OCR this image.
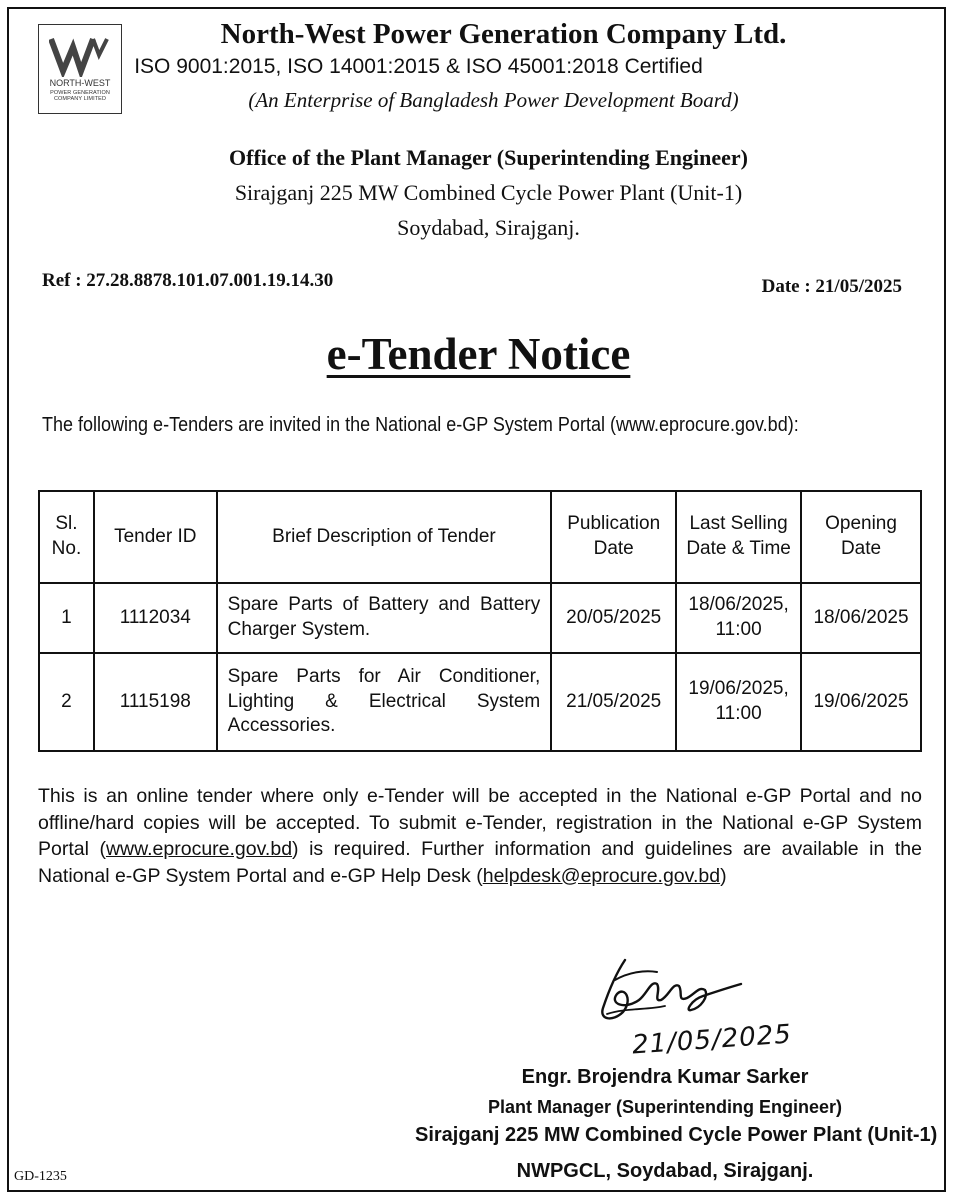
NORTH-WEST
POWER GENERATION
COMPANY LIMITED
North-West Power Generation Company Ltd.
ISO 9001:2015, ISO 14001:2015 & ISO 45001:2018 Certified
(An Enterprise of Bangladesh Power Development Board)
Office of the Plant Manager (Superintending Engineer)
Sirajganj 225 MW Combined Cycle Power Plant (Unit-1)
Soydabad, Sirajganj.
Ref : 27.28.8878.101.07.001.19.14.30	Date : 21/05/2025
e-Tender Notice
The following e-Tenders are invited in the National e-GP System Portal (www.eprocure.gov.bd):
Sl. No.	Tender ID	Brief Description of Tender	Publication Date	Last Selling Date & Time	Opening Date
1	1112034	Spare Parts of Battery and Battery Charger System.	20/05/2025	18/06/2025, 11:00	18/06/2025
2	1115198	Spare Parts for Air Conditioner, Lighting & Electrical System Accessories.	21/05/2025	19/06/2025, 11:00	19/06/2025
This is an online tender where only e-Tender will be accepted in the National e-GP Portal and no offline/hard copies will be accepted. To submit e-Tender, registration in the National e-GP System Portal (www.eprocure.gov.bd) is required. Further information and guidelines are available in the National e-GP System Portal and e-GP Help Desk (helpdesk@eprocure.gov.bd)
21/05/2025
Engr. Brojendra Kumar Sarker
Plant Manager (Superintending Engineer)
Sirajganj 225 MW Combined Cycle Power Plant (Unit-1)
NWPGCL, Soydabad, Sirajganj.
GD-1235
